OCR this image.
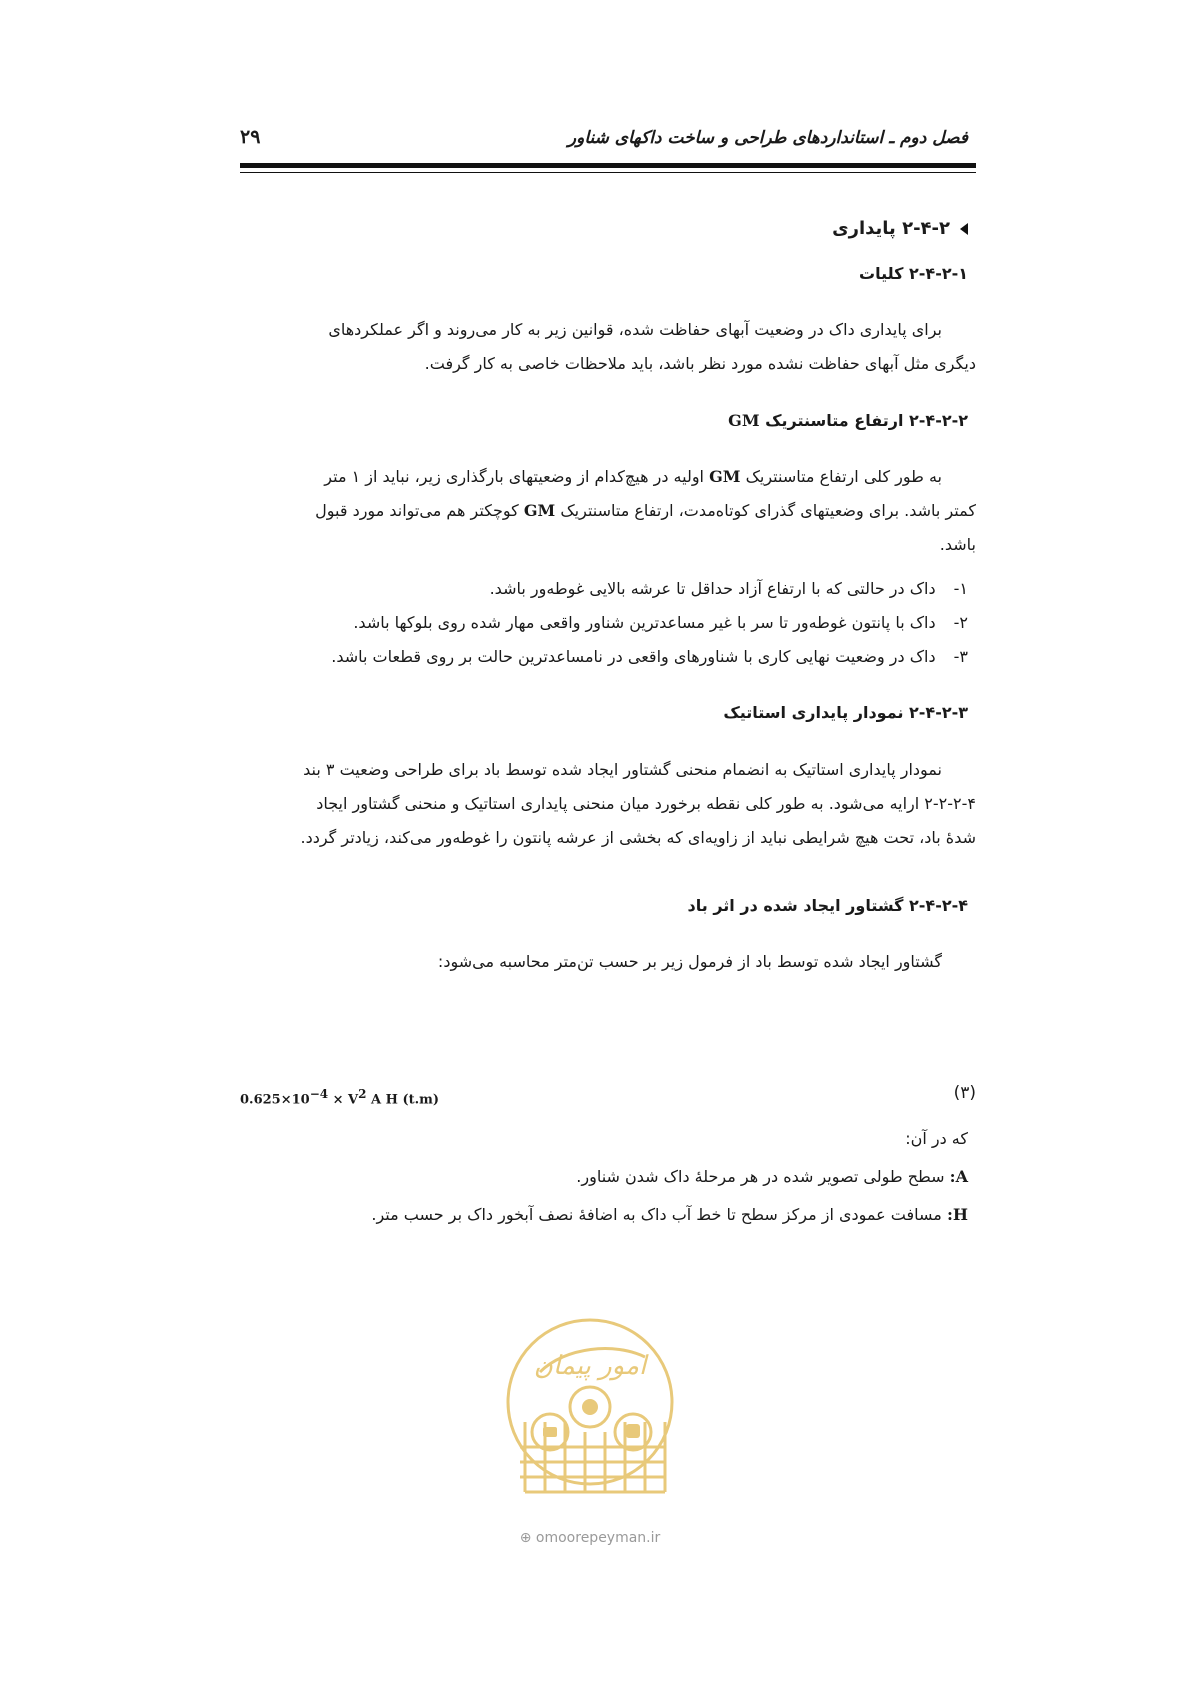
فصل دوم ـ استانداردهای طراحی و ساخت داکهای شناور
۲۹
۲-۴-۲ پایداری
۲-۴-۲-۱ کلیات
برای پایداری داک در وضعیت آبهای حفاظت شده، قوانین زیر به کار می‌روند و اگر عملکردهای
دیگری مثل آبهای حفاظت نشده مورد نظر باشد، باید ملاحظات خاصی به کار گرفت.
۲-۴-۲-۲ ارتفاع متاسنتریک GM
به طور کلی ارتفاع متاسنتریک GM اولیه در هیچ‌کدام از وضعیتهای بارگذاری زیر، نباید از ۱ متر
کمتر باشد. برای وضعیتهای گذرای کوتاه‌مدت، ارتفاع متاسنتریک GM کوچکتر هم می‌تواند مورد قبول
باشد.
۱-
داک در حالتی که با ارتفاع آزاد حداقل تا عرشه بالایی غوطه‌ور باشد.
۲-
داک با پانتون غوطه‌ور تا سر با غیر مساعدترین شناور واقعی مهار شده روی بلوکها باشد.
۳-
داک در وضعیت نهایی کاری با شناورهای واقعی در نامساعدترین حالت بر روی قطعات باشد.
۲-۴-۲-۳ نمودار پایداری استاتیک
نمودار پایداری استاتیک به انضمام منحنی گشتاور ایجاد شده توسط باد برای طراحی وضعیت ۳ بند
۲-۲-۲-۴ ارایه می‌شود. به طور کلی نقطه برخورد میان منحنی پایداری استاتیک و منحنی گشتاور ایجاد
شدهٔ باد، تحت هیچ شرایطی نباید از زاویه‌ای که بخشی از عرشه پانتون را غوطه‌ور می‌کند، زیادتر گردد.
۲-۴-۲-۴ گشتاور ایجاد شده در اثر باد
گشتاور ایجاد شده توسط باد از فرمول زیر بر حسب تن‌متر محاسبه می‌شود:
$0.625\times 10^{-4} \times V^2$ A H (t.m)	(۳)
که در آن:
A: سطح طولی تصویر شده در هر مرحلهٔ داک شدن شناور.
H: مسافت عمودی از مرکز سطح تا خط آب داک به اضافهٔ نصف آبخور داک بر حسب متر.
امور پیمان
⊕ omoorepeyman.ir
